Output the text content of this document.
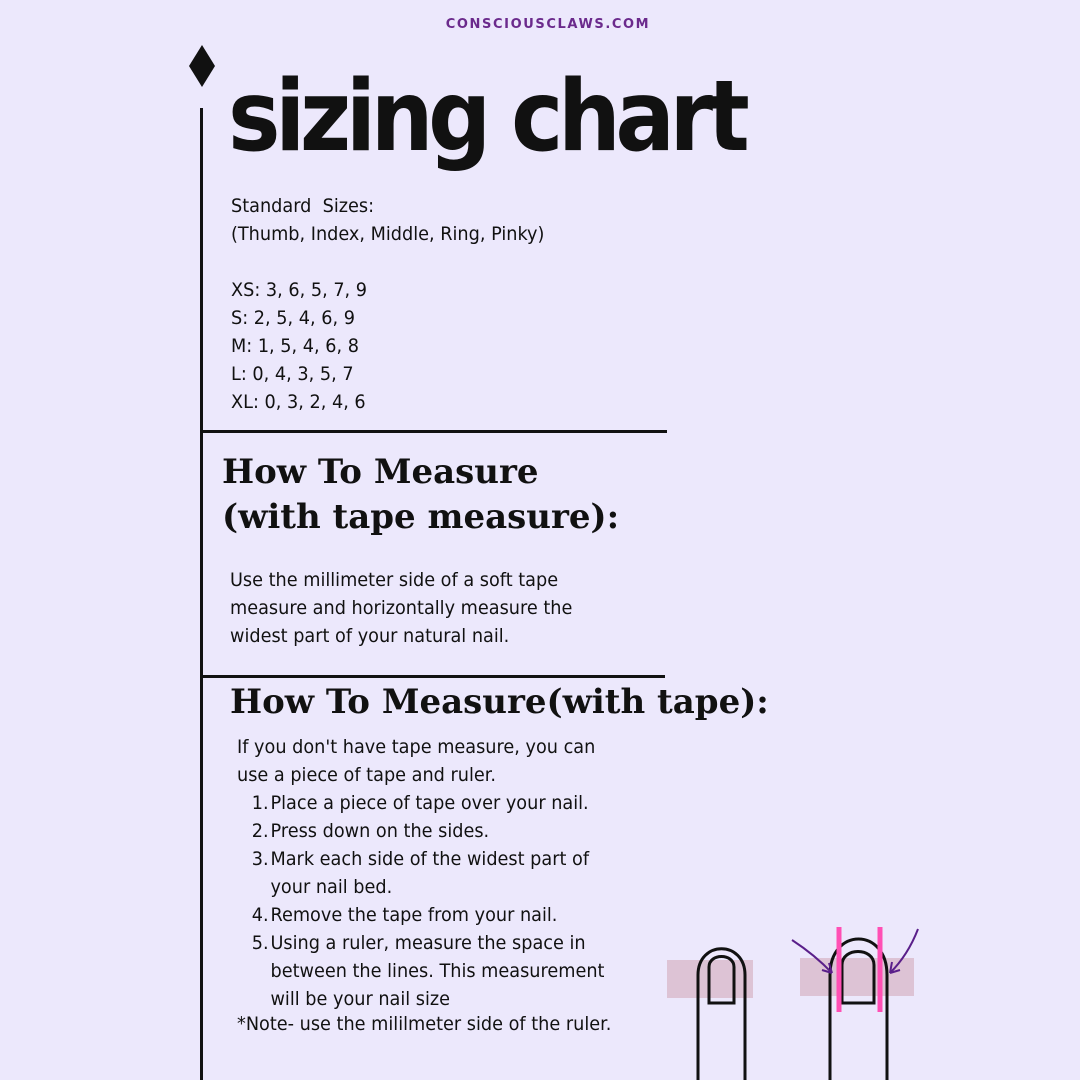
CONSCIOUSCLAWS.COM
sizing chart
Standard  Sizes:
(Thumb, Index, Middle, Ring, Pinky)
XS: 3, 6, 5, 7, 9
S: 2, 5, 4, 6, 9
M: 1, 5, 4, 6, 8
L: 0, 4, 3, 5, 7
XL: 0, 3, 2, 4, 6
How To Measure
(with tape measure):
Use the millimeter side of a soft tape
measure and horizontally measure the
widest part of your natural nail.
How To Measure(with tape):
If you don't have tape measure, you can
use a piece of tape and ruler.
1. Place a piece of tape over your nail.
2. Press down on the sides.
3. Mark each side of the widest part of
your nail bed.
4. Remove the tape from your nail.
5. Using a ruler, measure the space in
between the lines. This measurement
will be your nail size
*Note- use the mililmeter side of the ruler.
